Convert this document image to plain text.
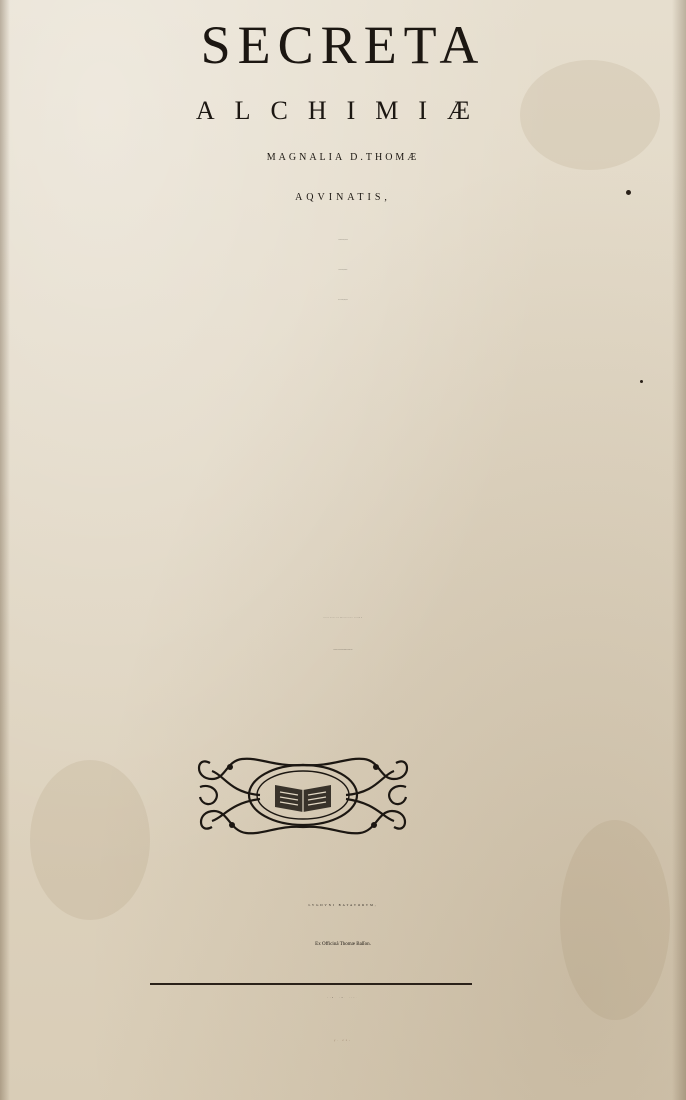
SECRETA
ALCHIMIÆ
MAGNALIA D.THOMÆ
AQVINATIS,
Opera DANIELIS BROVCHVISII artium &
Medicinę Doctoris nunc primùm in lucem edita.
LVGDVNI BATAVORVM,
Ex Officinâ Thomæ Baſſon.
cIↃ. IↃ. IIC.
f. 11:
